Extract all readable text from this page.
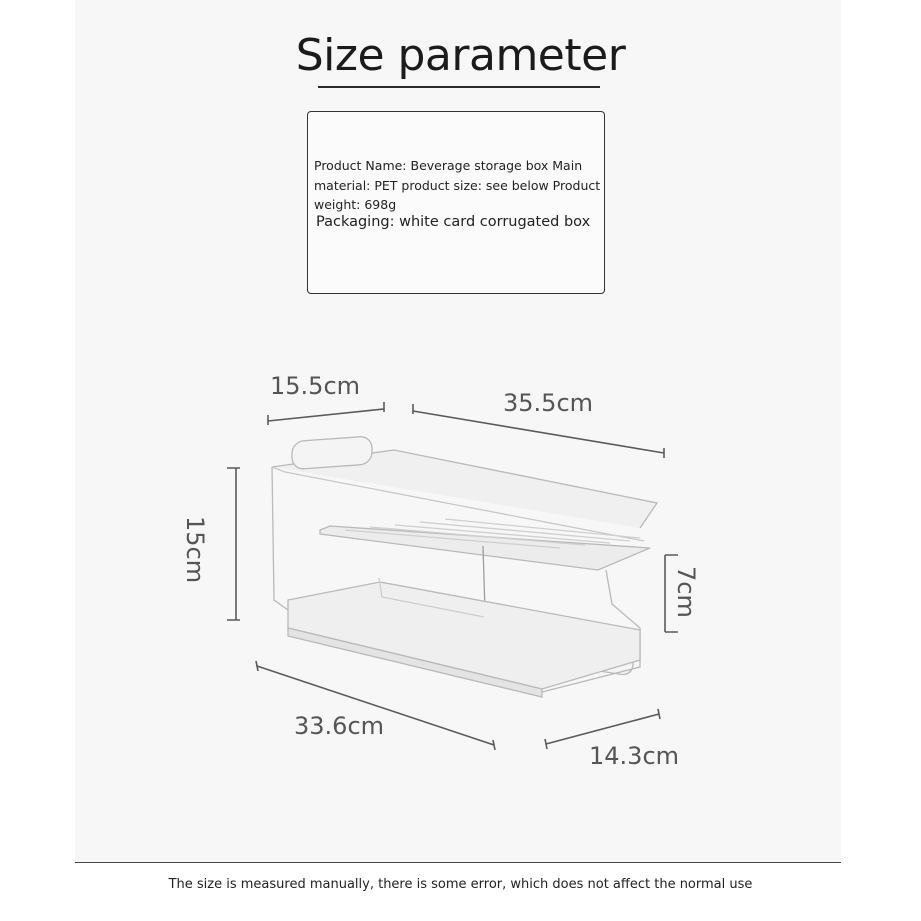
Size parameter
Product Name: Beverage storage box Main material: PET product size: see below Product weight: 698g
Packaging: white card corrugated box
15.5cm
35.5cm
15cm
7cm
33.6cm
14.3cm
The size is measured manually, there is some error, which does not affect the normal use
